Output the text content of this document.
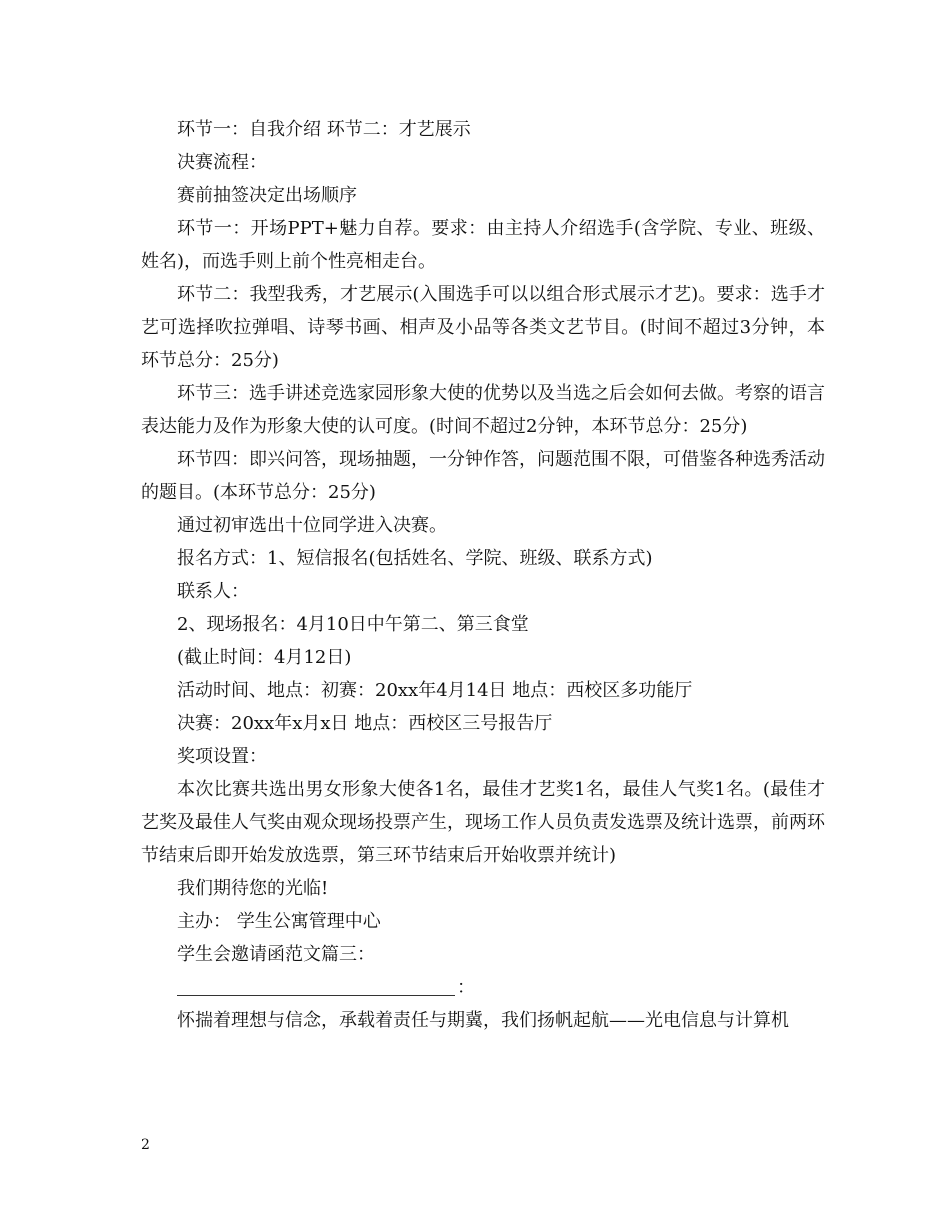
环节一：自我介绍 环节二：才艺展示

决赛流程：

赛前抽签决定出场顺序

环节一：开场PPT+魅力自荐。要求：由主持人介绍选手(含学院、专业、班级、姓名)，而选手则上前个性亮相走台。

环节二：我型我秀，才艺展示(入围选手可以以组合形式展示才艺)。要求：选手才艺可选择吹拉弹唱、诗琴书画、相声及小品等各类文艺节目。(时间不超过3分钟，本环节总分：25分)

环节三：选手讲述竞选家园形象大使的优势以及当选之后会如何去做。考察的语言表达能力及作为形象大使的认可度。(时间不超过2分钟，本环节总分：25分)

环节四：即兴问答，现场抽题，一分钟作答，问题范围不限，可借鉴各种选秀活动的题目。(本环节总分：25分)

通过初审选出十位同学进入决赛。

报名方式：1、短信报名(包括姓名、学院、班级、联系方式)

联系人：

2、现场报名：4月10日中午第二、第三食堂

(截止时间：4月12日)

活动时间、地点：初赛：20xx年4月14日 地点：西校区多功能厅

决赛：20xx年x月x日 地点：西校区三号报告厅

奖项设置：

本次比赛共选出男女形象大使各1名，最佳才艺奖1名，最佳人气奖1名。(最佳才艺奖及最佳人气奖由观众现场投票产生，现场工作人员负责发选票及统计选票，前两环节结束后即开始发放选票，第三环节结束后开始收票并统计)

我们期待您的光临!

主办： 学生公寓管理中心

学生会邀请函范文篇三：

：

怀揣着理想与信念，承载着责任与期冀，我们扬帆起航——光电信息与计算机

2
